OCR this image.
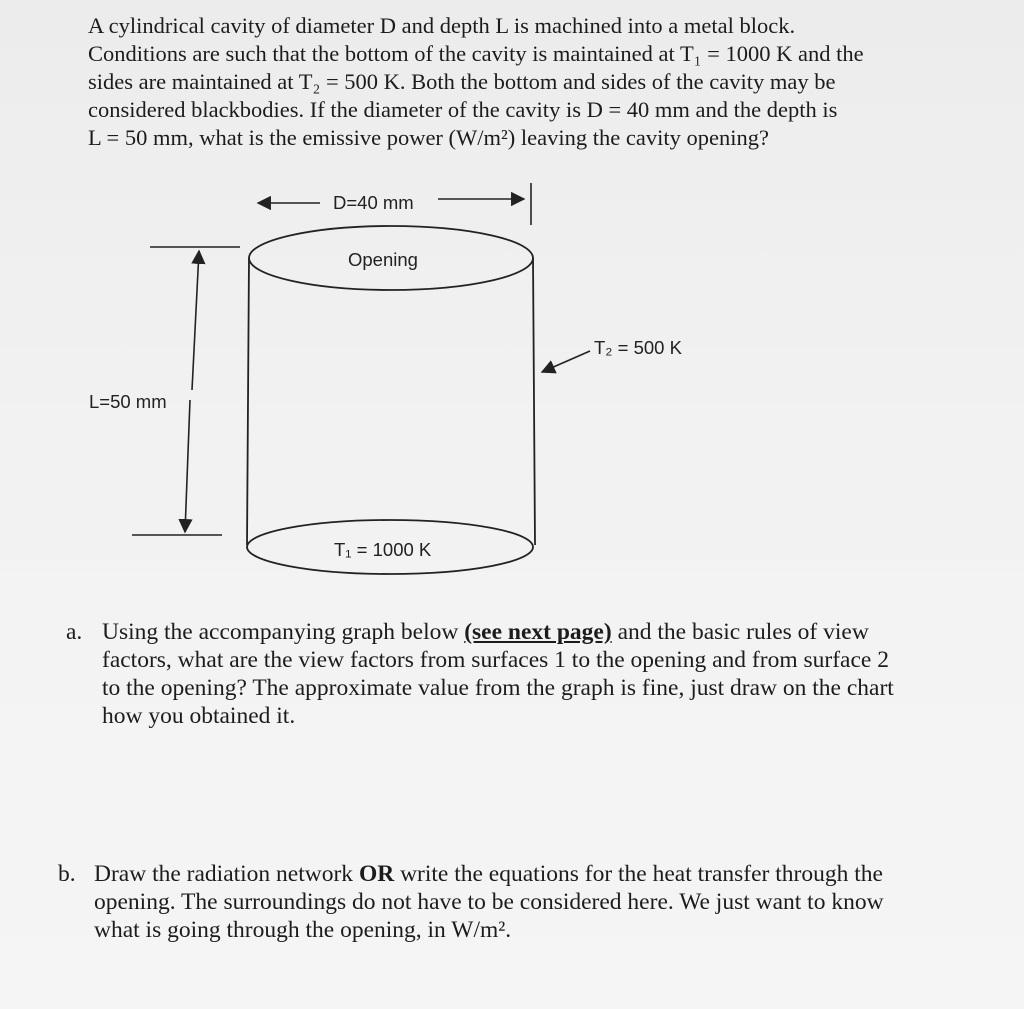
A cylindrical cavity of diameter D and depth L is machined into a metal block.
Conditions are such that the bottom of the cavity is maintained at T₁ = 1000 K and the
sides are maintained at T₂ = 500 K. Both the bottom and sides of the cavity may be
considered blackbodies. If the diameter of the cavity is D = 40 mm and the depth is
L = 50 mm, what is the emissive power (W/m²) leaving the cavity opening?
D=40 mm
Opening
T₁ = 1000 K
T₂ = 500 K
L=50 mm
a. Using the accompanying graph below (see next page) and the basic rules of view
factors, what are the view factors from surfaces 1 to the opening and from surface 2
to the opening? The approximate value from the graph is fine, just draw on the chart
how you obtained it.
b. Draw the radiation network OR write the equations for the heat transfer through the
opening. The surroundings do not have to be considered here. We just want to know
what is going through the opening, in W/m².
